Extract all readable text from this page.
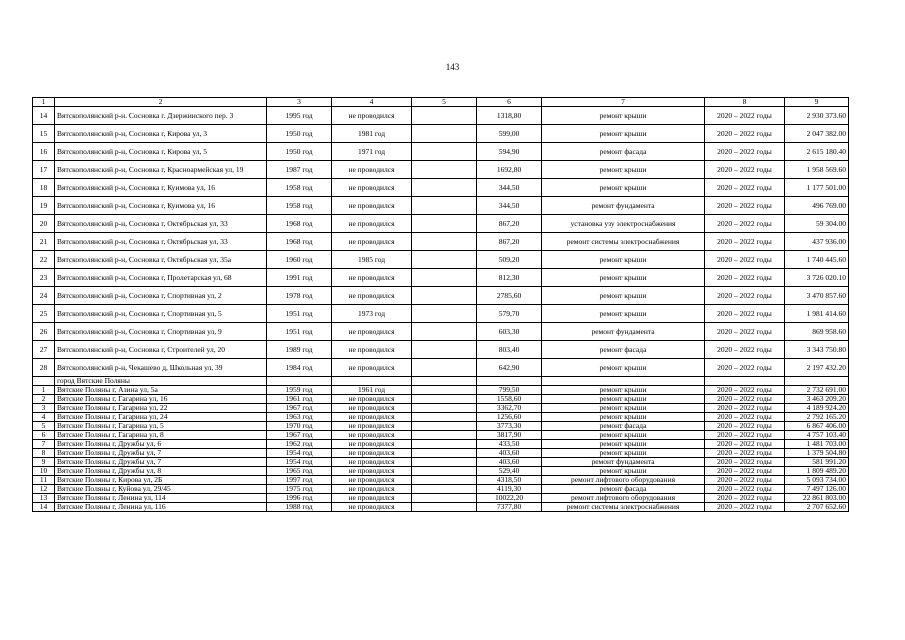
143
1	2	3	4	5	6	7	8	9
14	Вятскополянский р-н. Сосновка г. Дзержинского пер. 3	1995 год	не проводился		1318,80	ремонт крыши	2020 – 2022 годы	2 930 373.60
15	Вятскополянский р-н, Сосновка г, Кирова ул, 3	1950 год	1981 год		599,00	ремонт крыши	2020 – 2022 годы	2 047 382.00
16	Вятскополянский р-н, Сосновка г, Кирова ул, 5	1950 год	1971 год		594,90	ремонт фасада	2020 – 2022 годы	2 615 180.40
17	Вятскополянский р-н, Сосновка г, Красноармейская ул, 19	1987 год	не проводился		1692,80	ремонт крыши	2020 – 2022 годы	1 958 569.60
18	Вятскополянский р-н, Сосновка г, Куимова ул, 16	1958 год	не проводился		344,50	ремонт крыши	2020 – 2022 годы	1 177 501.00
19	Вятскополянский р-н, Сосновка г, Куимова ул, 16	1958 год	не проводился		344,50	ремонт фундамента	2020 – 2022 годы	496 769.00
20	Вятскополянский р-н, Сосновка г, Октябрьская ул, 33	1968 год	не проводился		867,20	установка узу электроснабжения	2020 – 2022 годы	59 304.00
21	Вятскополянский р-н, Сосновка г, Октябрьская ул, 33	1968 год	не проводился		867,20	ремонт системы электроснабжения	2020 – 2022 годы	437 936.00
22	Вятскополянский р-н, Сосновка г, Октябрьская ул, 35а	1960 год	1985 год		509,20	ремонт крыши	2020 – 2022 годы	1 740 445.60
23	Вятскополянский р-н, Сосновка г, Пролетарская ул, 68	1991 год	не проводился		812,30	ремонт крыши	2020 – 2022 годы	3 726 020.10
24	Вятскополянский р-н, Сосновка г, Спортивная ул, 2	1978 год	не проводился		2785,60	ремонт крыши	2020 – 2022 годы	3 470 857.60
25	Вятскополянский р-н, Сосновка г, Спортивная ул, 5	1951 год	1973 год		579,70	ремонт крыши	2020 – 2022 годы	1 981 414.60
26	Вятскополянский р-н, Сосновка г, Спортивная ул, 9	1951 год	не проводился		603,30	ремонт фундамента	2020 – 2022 годы	869 958.60
27	Вятскополянский р-н, Сосновка г, Строителей ул, 20	1989 год	не проводился		803,40	ремонт фасада	2020 – 2022 годы	3 343 750.80
28	Вятскополянский р-н, Чекашево д, Школьная ул, 39	1984 год	не проводился		642,90	ремонт крыши	2020 – 2022 годы	2 197 432.20
	город Вятские Поляны							
1	Вятские Поляны г, Азина ул, 5а	1959 год	1961 год		799,50	ремонт крыши	2020 – 2022 годы	2 732 691.00
2	Вятские Поляны г, Гагарина ул, 16	1961 год	не проводился		1558,60	ремонт крыши	2020 – 2022 годы	3 463 209.20
3	Вятские Поляны г, Гагарина ул, 22	1967 год	не проводился		3362,70	ремонт крыши	2020 – 2022 годы	4 189 924.20
4	Вятские Поляны г, Гагарина ул, 24	1963 год	не проводился		1256,60	ремонт крыши	2020 – 2022 годы	2 792 165.20
5	Вятские Поляны г, Гагарина ул, 5	1970 год	не проводился		3773,30	ремонт фасада	2020 – 2022 годы	6 867 406.00
6	Вятские Поляны г, Гагарина ул, 8	1967 год	не проводился		3817,90	ремонт крыши	2020 – 2022 годы	4 757 103.40
7	Вятские Поляны г, Дружбы ул, 6	1962 год	не проводился		433,50	ремонт крыши	2020 – 2022 годы	1 481 703.00
8	Вятские Поляны г, Дружбы ул, 7	1954 год	не проводился		403,60	ремонт крыши	2020 – 2022 годы	1 379 504.80
9	Вятские Поляны г, Дружбы ул, 7	1954 год	не проводился		403,60	ремонт фундамента	2020 – 2022 годы	581 991.20
10	Вятские Поляны г, Дружбы ул, 8	1965 год	не проводился		529,40	ремонт крыши	2020 – 2022 годы	1 809 489.20
11	Вятские Поляны г, Кирова ул, 2Б	1997 год	не проводился		4318,50	ремонт лифтового оборудования	2020 – 2022 годы	5 093 734.00
12	Вятские Поляны г, Куйова ул, 29/45	1975 год	не проводился		4119,30	ремонт фасада	2020 – 2022 годы	7 497 126.00
13	Вятские Поляны г, Ленина ул, 114	1996 год	не проводился		10022,20	ремонт лифтового оборудования	2020 – 2022 годы	22 861 803.00
14	Вятские Поляны г, Ленина ул, 116	1988 год	не проводился		7377,80	ремонт системы электроснабжения	2020 – 2022 годы	2 707 652.60
